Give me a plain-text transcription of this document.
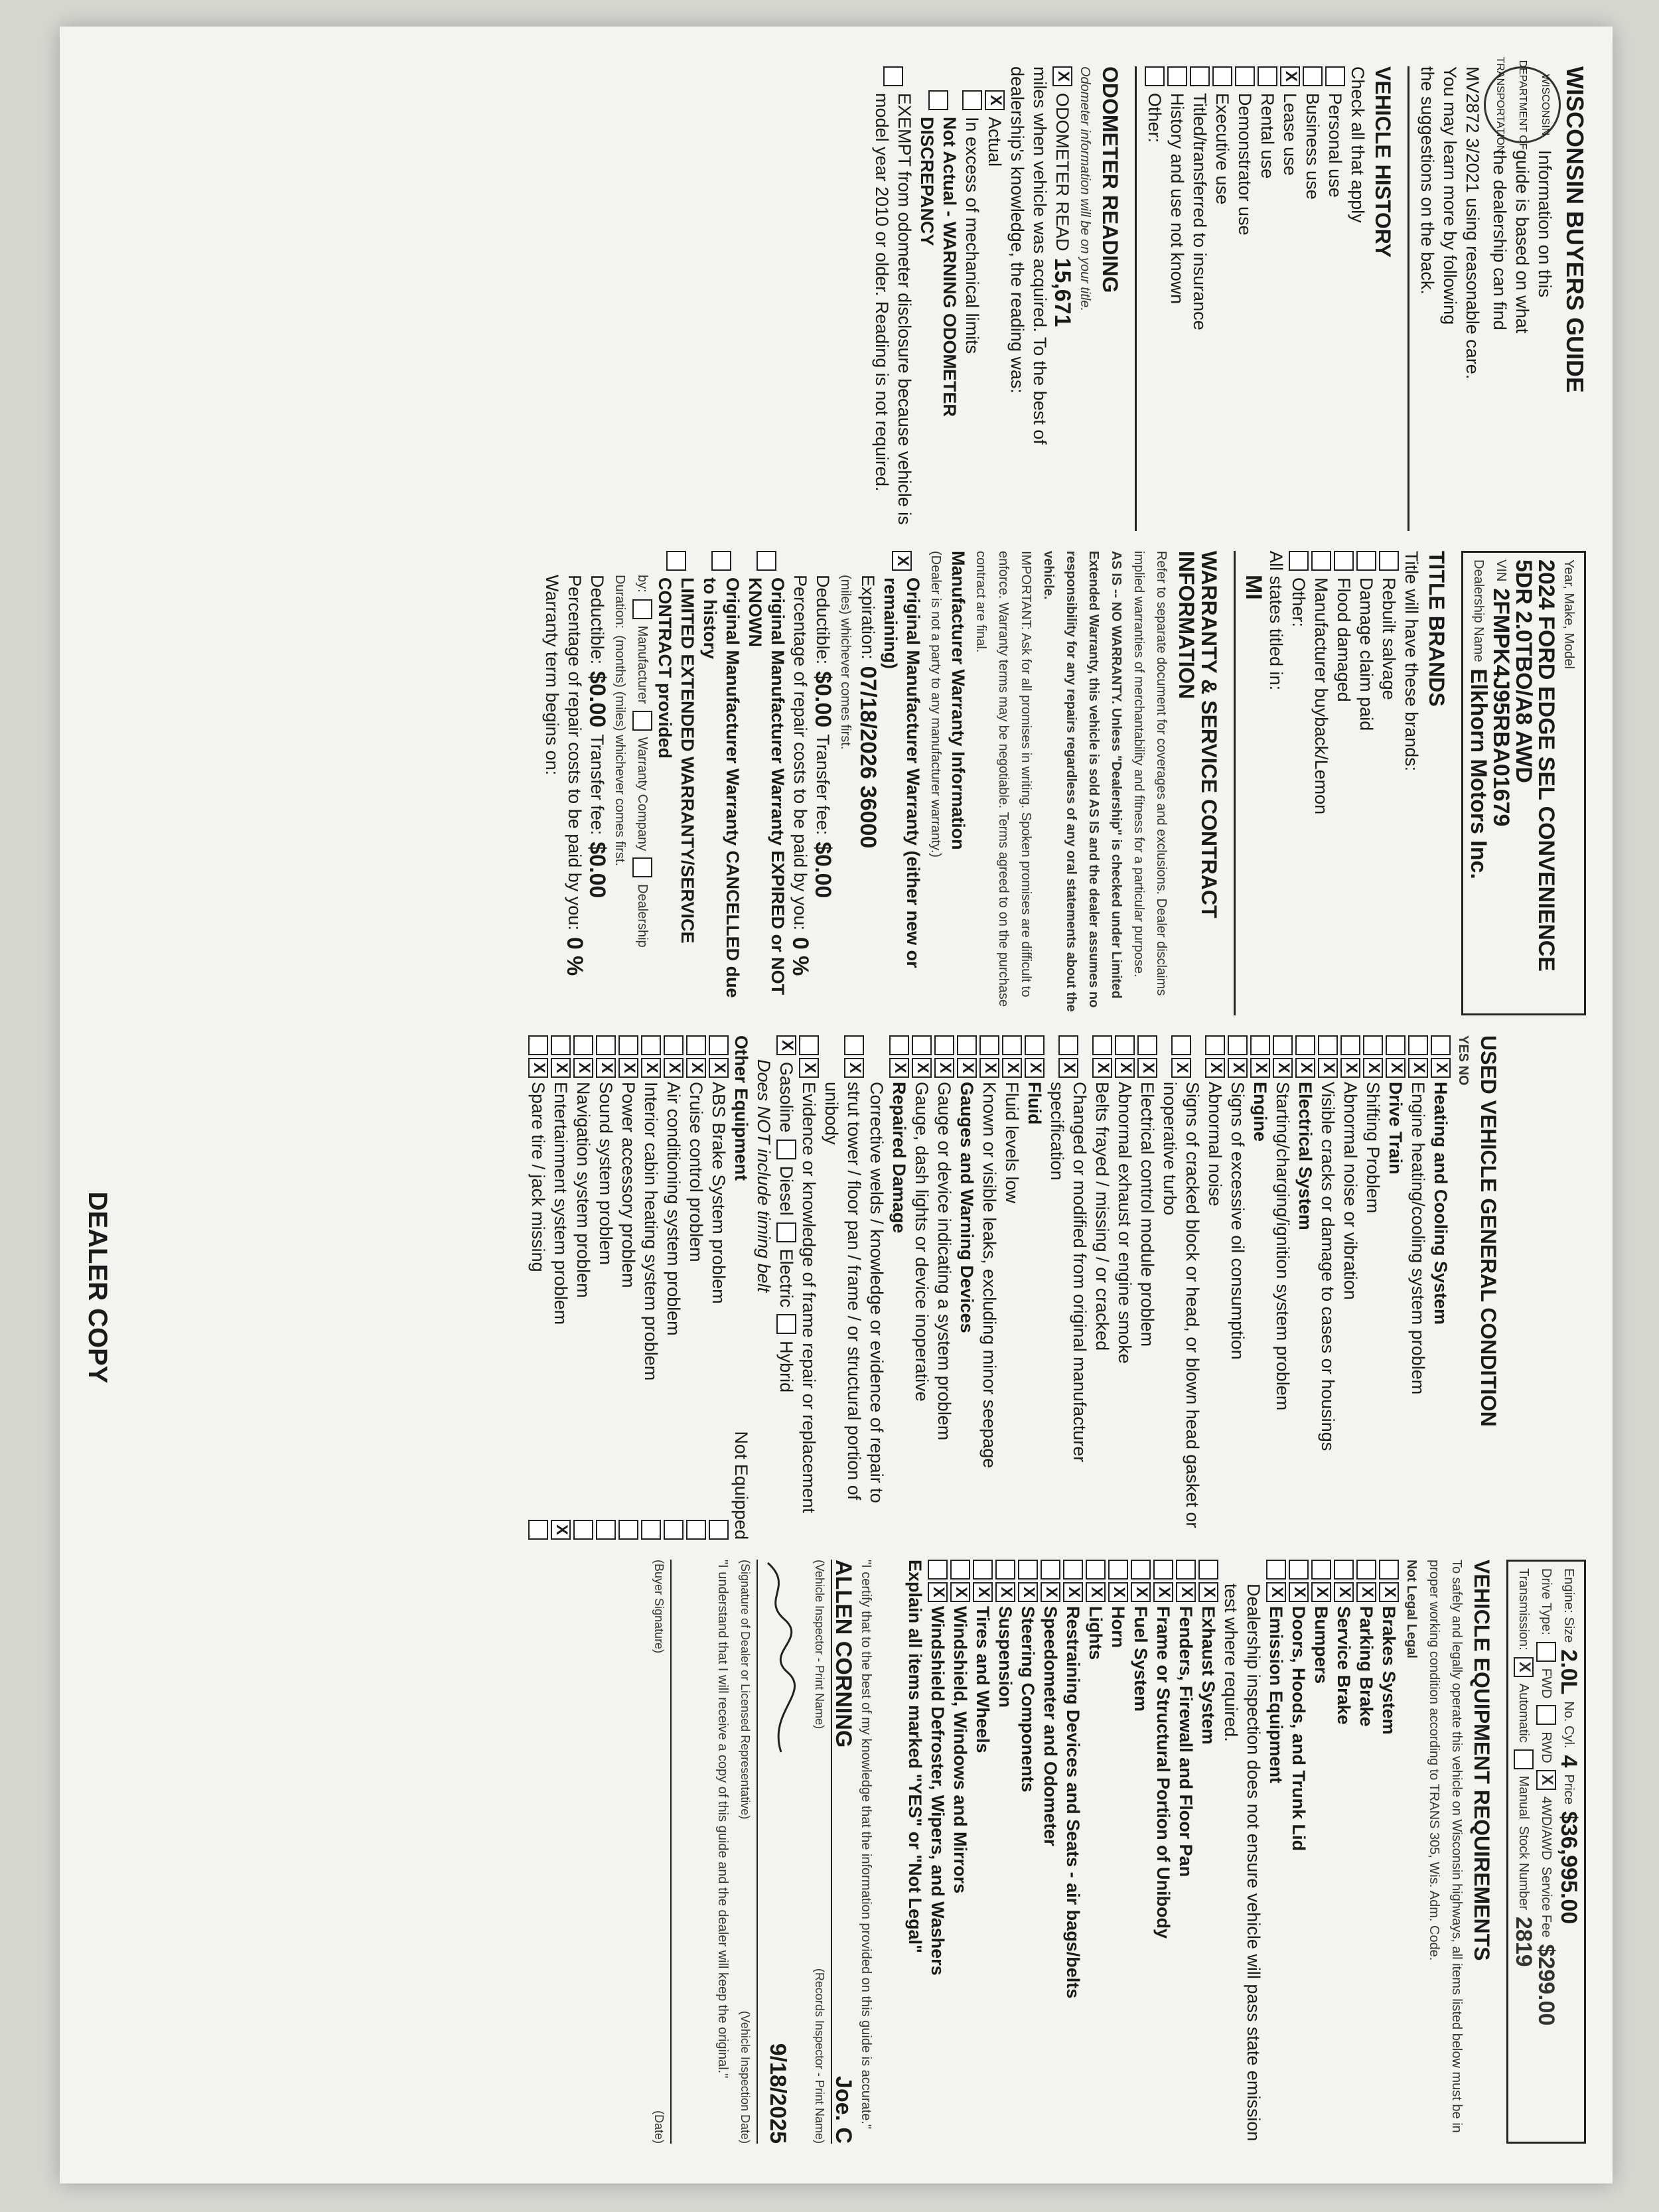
WISCONSIN BUYERS GUIDE
WISCONSIN DEPARTMENT OF TRANSPORTATION
Information on this
guide is based on what
the dealership can find
MV2872 3/2021 using reasonable care.
You may learn more by following
the suggestions on the back.
VEHICLE HISTORY
Check all that apply
Personal use
Business use
X
Lease use
Rental use
Demonstrator use
Executive use
Titled/transferred to insurance
History and use not known
Other:
ODOMETER READING
Odometer information will be on your title.
X
ODOMETER READ
15,671
miles when vehicle was acquired. To the best of
dealership's knowledge, the reading was:
X
Actual
In excess of mechanical limits
Not Actual - WARNING ODOMETER DISCREPANCY
EXEMPT from odometer disclosure because vehicle is model year 2010 or older. Reading is not required.
Year, Make, Model
2024 FORD EDGE SEL CONVENIENCE 5DR 2.0TBO/A8 AWD
VIN
2FMPK4J95RBA01679
Dealership Name
Elkhorn Motors Inc.
TITLE BRANDS
Title will have these brands:
Rebuilt salvage
Damage claim paid
Flood damaged
Manufacturer buyback/Lemon
Other:
All states titled in:
MI
WARRANTY & SERVICE CONTRACT INFORMATION
Refer to separate document for coverages and exclusions. Dealer disclaims implied warranties of merchantability and fitness for a particular purpose.
AS IS -- NO WARRANTY. Unless "Dealership" is checked under Limited Extended Warranty, this vehicle is sold AS IS and the dealer assumes no responsibility for any repairs regardless of any oral statements about the vehicle.
IMPORTANT: Ask for all promises in writing. Spoken promises are difficult to enforce. Warranty terms may be negotiable. Terms agreed to on the purchase contract are final.
Manufacturer Warranty Information
(Dealer is not a party to any manufacturer warranty.)
X
Original Manufacturer Warranty (either new or remaining)
Expiration:
07/18/2026
36000
(miles) whichever comes first.
Deductible:
$0.00
Transfer fee:
$0.00
Percentage of repair costs to be paid by you:
0 %
Original Manufacturer Warranty EXPIRED or NOT KNOWN
Original Manufacturer Warranty CANCELLED due to history
LIMITED EXTENDED WARRANTY/SERVICE CONTRACT provided
by:
Manufacturer
Warranty Company
Dealership
Duration:
(months) (miles) whichever comes first.
Deductible:
$0.00
Transfer fee:
$0.00
Percentage of repair costs to be paid by you:
0 %
Warranty term begins on:
USED VEHICLE GENERAL CONDITION
YES NO
X
Heating and Cooling System
X
Engine heating/cooling system problem
X
Drive Train
X
Shifting Problem
X
Abnormal noise or vibration
X
Visible cracks or damage to cases or housings
X
Electrical System
X
Starting/charging/ignition system problem
X
Engine
X
Signs of excessive oil consumption
X
Abnormal noise
X
Signs of cracked block or head, or blown head gasket or inoperative turbo
X
Electrical control module problem
X
Abnormal exhaust or engine smoke
X
Belts frayed / missing / or cracked
X
Changed or modified from original manufacturer specification
X
Fluid
X
Fluid levels low
X
Known or visible leaks, excluding minor seepage
X
Gauges and Warning Devices
X
Gauge or device indicating a system problem
X
Gauge, dash lights or device inoperative
X
Repaired Damage
X
Corrective welds / knowledge or evidence of repair to strut tower / floor pan / frame / or structural portion of unibody
X
Evidence or knowledge of frame repair or replacement
X
Gasoline
Diesel
Electric
Hybrid
Does NOT include timing belt
Other Equipment
Not Equipped
X
ABS Brake System problem
X
Cruise control problem
X
Air conditioning system problem
X
Interior cabin heating system problem
X
Power accessory problem
X
Sound system problem
X
Navigation system problem
X
Entertainment system problem
X
X
Spare tire / jack missing
DEALER COPY
Engine: Size
2.0L
No. Cyl.
4
Price
$36,995.00
Drive Type:
FWD
RWD
X
4WD/AWD
Service Fee
$299.00
Transmission:
X
Automatic
Manual
Stock Number
2819
VEHICLE EQUIPMENT REQUIREMENTS
To safely and legally operate this vehicle on Wisconsin highways, all items listed below must be in proper working condition according to TRANS 305, Wis. Adm. Code.
Not Legal Legal
X
Brakes System
X
Parking Brake
X
Service Brake
X
Bumpers
X
Doors, Hoods, and Trunk Lid
X
Emission Equipment
Dealership inspection does not ensure vehicle will pass state emission test where required.
X
Exhaust System
X
Fenders, Firewall and Floor Pan
X
Frame or Structural Portion of Unibody
X
Fuel System
X
Horn
X
Lights
X
Restraining Devices and Seats - air bags/belts
X
Speedometer and Odometer
X
Steering Components
X
Suspension
X
Tires and Wheels
X
Windshield, Windows and Mirrors
X
Windshield Defroster, Wipers, and Washers
Explain all items marked "YES" or "Not Legal"
"I certify that to the best of my knowledge that the information provided on this guide is accurate."
ALLEN CORNING
Joe. C
(Vehicle Inspector - Print Name)
(Records Inspector - Print Name)
9/18/2025
(Signature of Dealer or Licensed Representative)
(Vehicle Inspection Date)
"I understand that I will receive a copy of this guide and the dealer will keep the original."
(Buyer Signature)
(Date)
